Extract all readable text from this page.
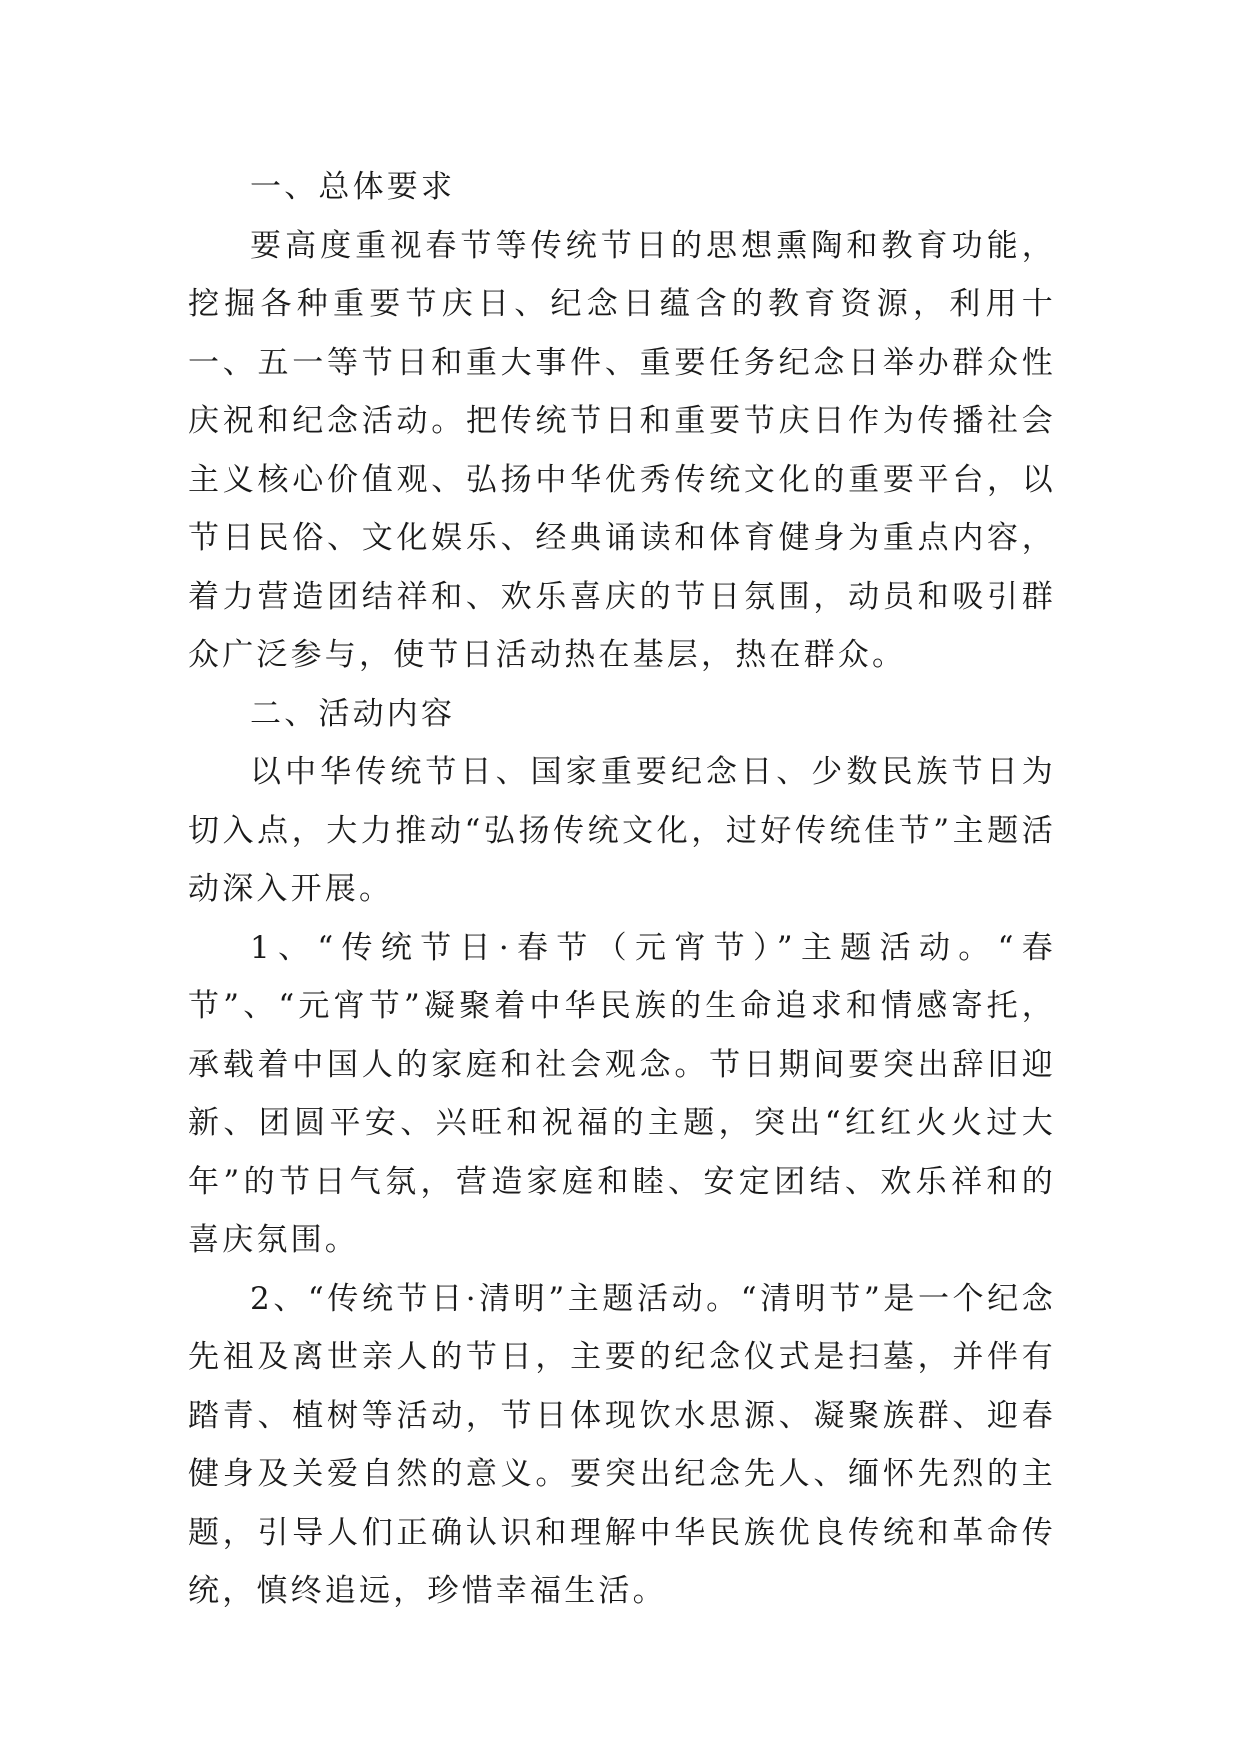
一、总体要求

要高度重视春节等传统节日的思想熏陶和教育功能，挖掘各种重要节庆日、纪念日蕴含的教育资源，利用十一、五一等节日和重大事件、重要任务纪念日举办群众性庆祝和纪念活动。把传统节日和重要节庆日作为传播社会主义核心价值观、弘扬中华优秀传统文化的重要平台，以节日民俗、文化娱乐、经典诵读和体育健身为重点内容，着力营造团结祥和、欢乐喜庆的节日氛围，动员和吸引群众广泛参与，使节日活动热在基层，热在群众。

二、活动内容

以中华传统节日、国家重要纪念日、少数民族节日为切入点，大力推动“弘扬传统文化，过好传统佳节”主题活动深入开展。

1、“传统节日·春节（元宵节）”主题活动。“春节”、“元宵节”凝聚着中华民族的生命追求和情感寄托，承载着中国人的家庭和社会观念。节日期间要突出辞旧迎新、团圆平安、兴旺和祝福的主题，突出“红红火火过大年”的节日气氛，营造家庭和睦、安定团结、欢乐祥和的喜庆氛围。

2、“传统节日·清明”主题活动。“清明节”是一个纪念先祖及离世亲人的节日，主要的纪念仪式是扫墓，并伴有踏青、植树等活动，节日体现饮水思源、凝聚族群、迎春健身及关爱自然的意义。要突出纪念先人、缅怀先烈的主题，引导人们正确认识和理解中华民族优良传统和革命传统，慎终追远，珍惜幸福生活。
